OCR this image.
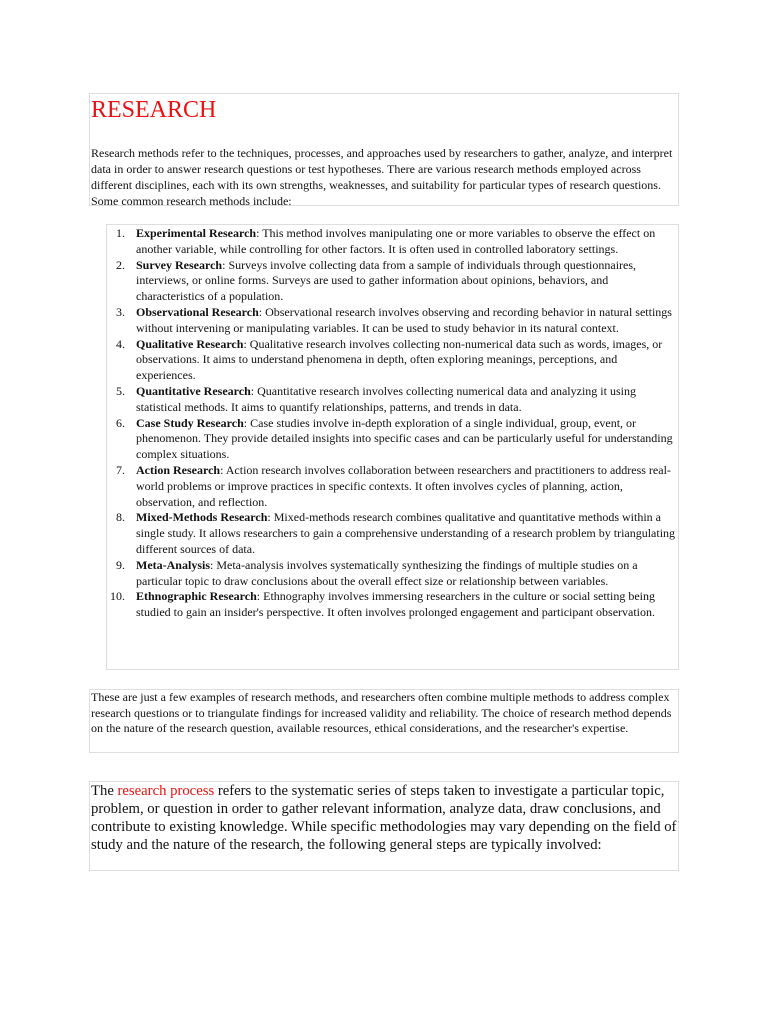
RESEARCH

Research methods refer to the techniques, processes, and approaches used by researchers to gather, analyze, and interpret data in order to answer research questions or test hypotheses. There are various research methods employed across different disciplines, each with its own strengths, weaknesses, and suitability for particular types of research questions. Some common research methods include:

1. Experimental Research: This method involves manipulating one or more variables to observe the effect on another variable, while controlling for other factors. It is often used in controlled laboratory settings.
2. Survey Research: Surveys involve collecting data from a sample of individuals through questionnaires, interviews, or online forms. Surveys are used to gather information about opinions, behaviors, and characteristics of a population.
3. Observational Research: Observational research involves observing and recording behavior in natural settings without intervening or manipulating variables. It can be used to study behavior in its natural context.
4. Qualitative Research: Qualitative research involves collecting non-numerical data such as words, images, or observations. It aims to understand phenomena in depth, often exploring meanings, perceptions, and experiences.
5. Quantitative Research: Quantitative research involves collecting numerical data and analyzing it using statistical methods. It aims to quantify relationships, patterns, and trends in data.
6. Case Study Research: Case studies involve in-depth exploration of a single individual, group, event, or phenomenon. They provide detailed insights into specific cases and can be particularly useful for understanding complex situations.
7. Action Research: Action research involves collaboration between researchers and practitioners to address real-world problems or improve practices in specific contexts. It often involves cycles of planning, action, observation, and reflection.
8. Mixed-Methods Research: Mixed-methods research combines qualitative and quantitative methods within a single study. It allows researchers to gain a comprehensive understanding of a research problem by triangulating different sources of data.
9. Meta-Analysis: Meta-analysis involves systematically synthesizing the findings of multiple studies on a particular topic to draw conclusions about the overall effect size or relationship between variables.
10. Ethnographic Research: Ethnography involves immersing researchers in the culture or social setting being studied to gain an insider's perspective. It often involves prolonged engagement and participant observation.

These are just a few examples of research methods, and researchers often combine multiple methods to address complex research questions or to triangulate findings for increased validity and reliability. The choice of research method depends on the nature of the research question, available resources, ethical considerations, and the researcher's expertise.

The research process refers to the systematic series of steps taken to investigate a particular topic, problem, or question in order to gather relevant information, analyze data, draw conclusions, and contribute to existing knowledge. While specific methodologies may vary depending on the field of study and the nature of the research, the following general steps are typically involved:
